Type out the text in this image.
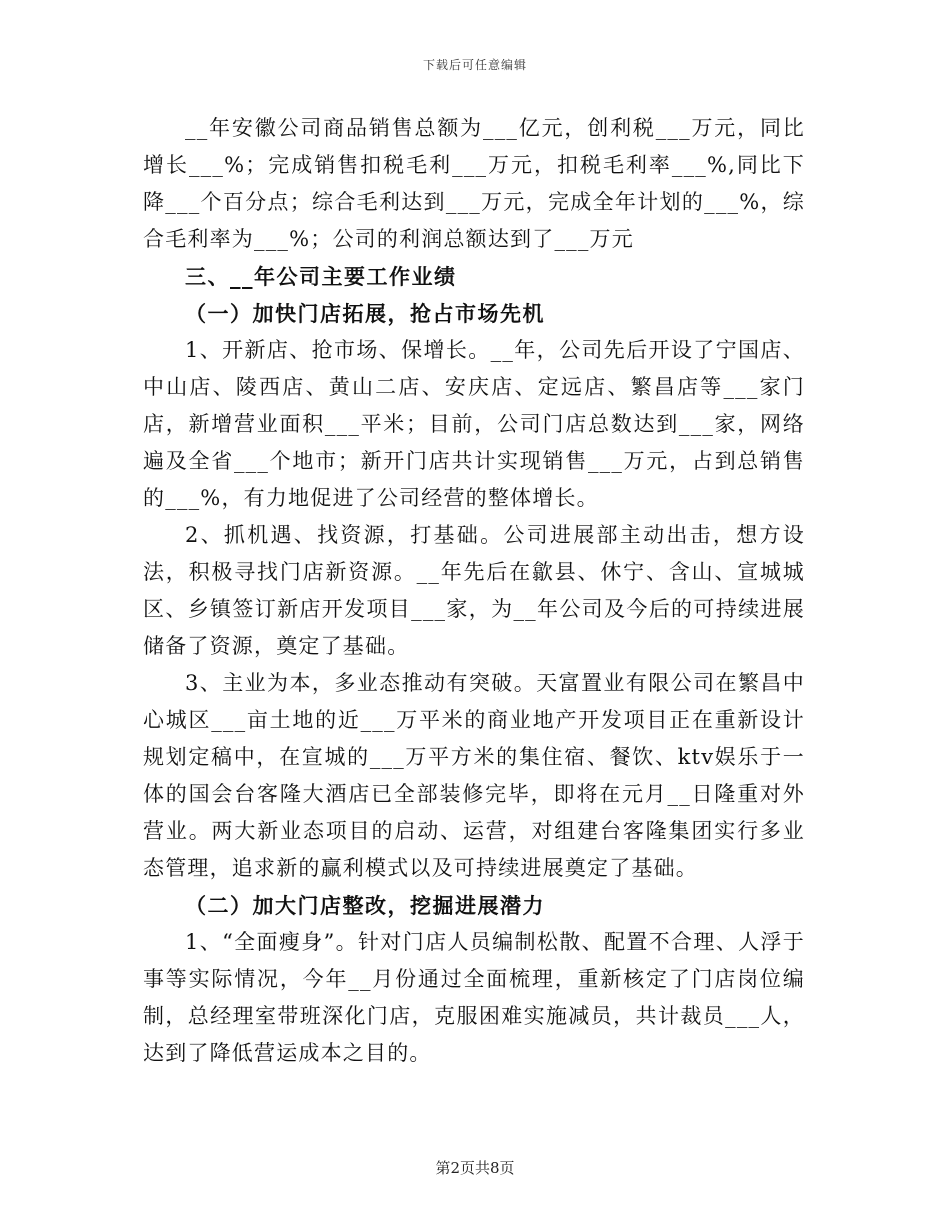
下载后可任意编辑

__年安徽公司商品销售总额为___亿元，创利税___万元，同比增长___%；完成销售扣税毛利___万元，扣税毛利率___%,同比下降___个百分点；综合毛利达到___万元，完成全年计划的___%，综合毛利率为___%；公司的利润总额达到了___万元

三、__年公司主要工作业绩

（一）加快门店拓展，抢占市场先机

1、开新店、抢市场、保增长。__年，公司先后开设了宁国店、中山店、陵西店、黄山二店、安庆店、定远店、繁昌店等___家门店，新增营业面积___平米；目前，公司门店总数达到___家，网络遍及全省___个地市；新开门店共计实现销售___万元，占到总销售的___%，有力地促进了公司经营的整体增长。

2、抓机遇、找资源，打基础。公司进展部主动出击，想方设法，积极寻找门店新资源。__年先后在歙县、休宁、含山、宣城城区、乡镇签订新店开发项目___家，为__年公司及今后的可持续进展储备了资源，奠定了基础。

3、主业为本，多业态推动有突破。天富置业有限公司在繁昌中心城区___亩土地的近___万平米的商业地产开发项目正在重新设计规划定稿中，在宣城的___万平方米的集住宿、餐饮、ktv娱乐于一体的国会台客隆大酒店已全部装修完毕，即将在元月__日隆重对外营业。两大新业态项目的启动、运营，对组建台客隆集团实行多业态管理，追求新的赢利模式以及可持续进展奠定了基础。

（二）加大门店整改，挖掘进展潜力

1、“全面瘦身”。针对门店人员编制松散、配置不合理、人浮于事等实际情况，今年__月份通过全面梳理，重新核定了门店岗位编制，总经理室带班深化门店，克服困难实施减员，共计裁员___人，达到了降低营运成本之目的。

第2页共8页
